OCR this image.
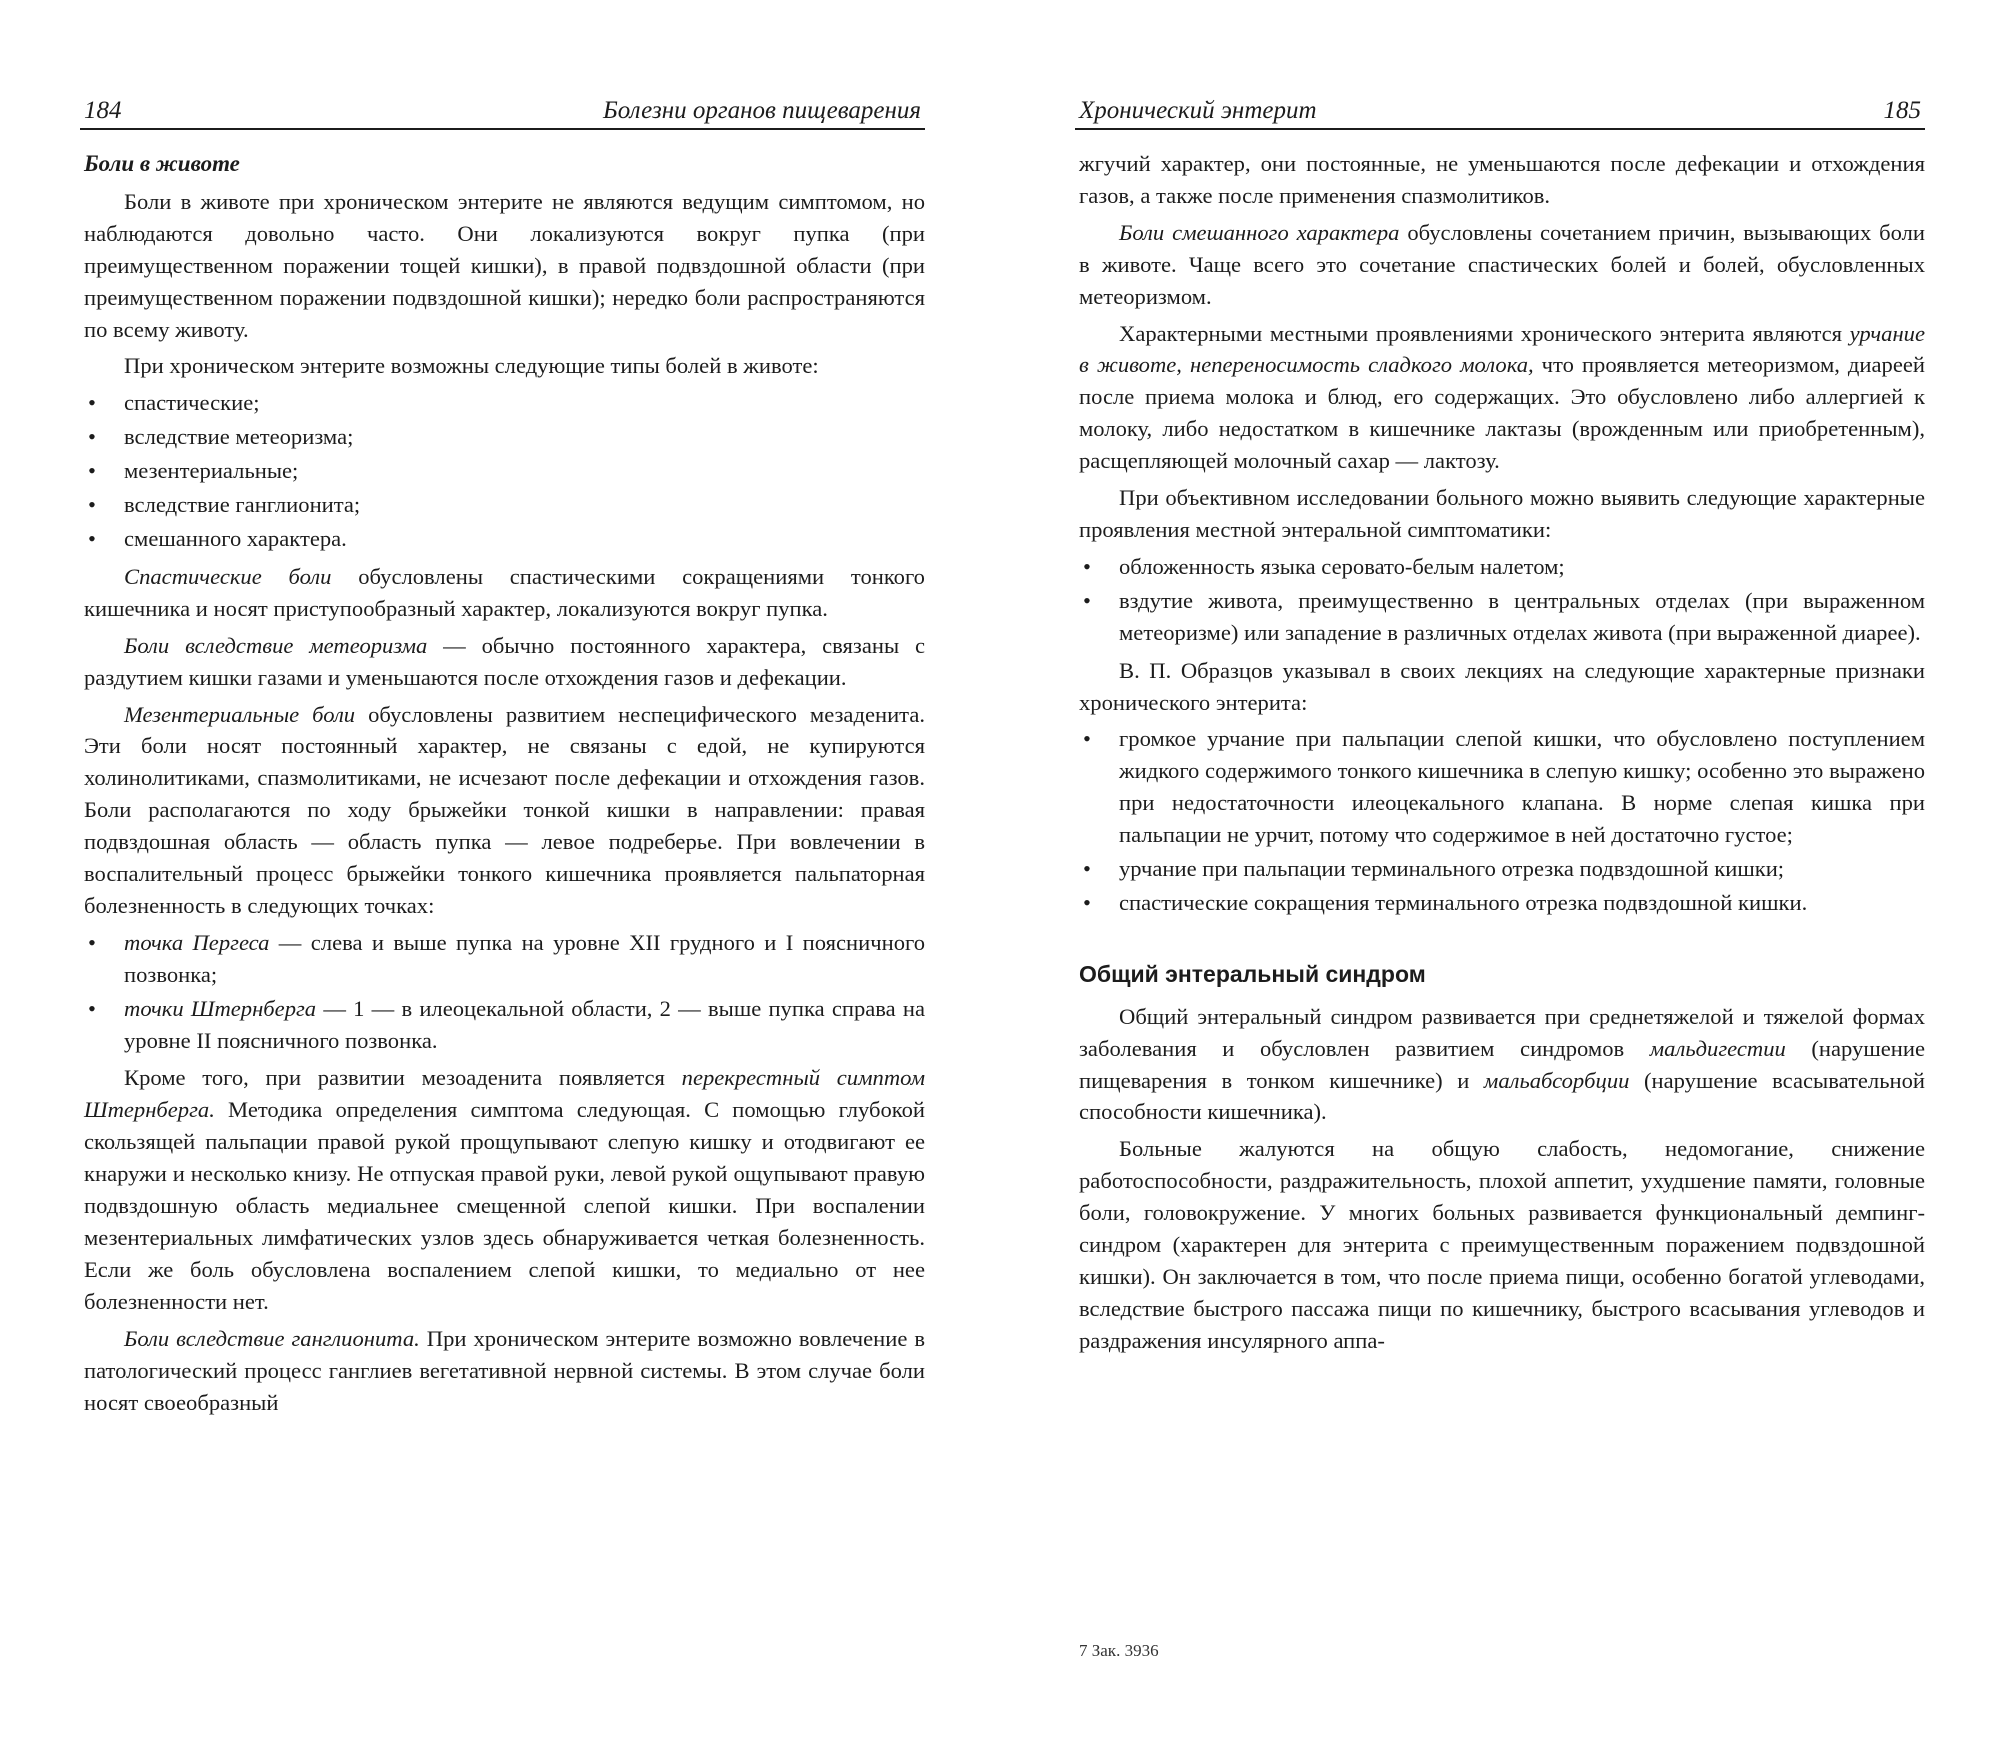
184	Болезни органов пищеварения
Боли в животе

Боли в животе при хроническом энтерите не являются ведущим симптомом, но наблюдаются довольно часто. Они локализуются вокруг пупка (при преимущественном поражении тощей кишки), в правой подвздошной области (при преимущественном поражении подвздошной кишки); нередко боли распространяются по всему животу.

При хроническом энтерите возможны следующие типы болей в животе:

• спастические;
• вследствие метеоризма;
• мезентериальные;
• вследствие ганглионита;
• смешанного характера.

Спастические боли обусловлены спастическими сокращениями тонкого кишечника и носят приступообразный характер, локализуются вокруг пупка.

Боли вследствие метеоризма — обычно постоянного характера, связаны с раздутием кишки газами и уменьшаются после отхождения газов и дефекации.

Мезентериальные боли обусловлены развитием неспецифического мезаденита. Эти боли носят постоянный характер, не связаны с едой, не купируются холинолитиками, спазмолитиками, не исчезают после дефекации и отхождения газов. Боли располагаются по ходу брыжейки тонкой кишки в направлении: правая подвздошная область — область пупка — левое подреберье. При вовлечении в воспалительный процесс брыжейки тонкого кишечника проявляется пальпаторная болезненность в следующих точках:

• точка Пергеса — слева и выше пупка на уровне XII грудного и I поясничного позвонка;
• точки Штернберга — 1 — в илеоцекальной области, 2 — выше пупка справа на уровне II поясничного позвонка.

Кроме того, при развитии мезоаденита появляется перекрестный симптом Штернберга. Методика определения симптома следующая. С помощью глубокой скользящей пальпации правой рукой прощупывают слепую кишку и отодвигают ее кнаружи и несколько книзу. Не отпуская правой руки, левой рукой ощупывают правую подвздошную область медиальнее смещенной слепой кишки. При воспалении мезентериальных лимфатических узлов здесь обнаруживается четкая болезненность. Если же боль обусловлена воспалением слепой кишки, то медиально от нее болезненности нет.

Боли вследствие ганглионита. При хроническом энтерите возможно вовлечение в патологический процесс ганглиев вегетативной нервной системы. В этом случае боли носят своеобразный

Хронический энтерит	185

жгучий характер, они постоянные, не уменьшаются после дефекации и отхождения газов, а также после применения спазмолитиков.

Боли смешанного характера обусловлены сочетанием причин, вызывающих боли в животе. Чаще всего это сочетание спастических болей и болей, обусловленных метеоризмом.

Характерными местными проявлениями хронического энтерита являются урчание в животе, непереносимость сладкого молока, что проявляется метеоризмом, диареей после приема молока и блюд, его содержащих. Это обусловлено либо аллергией к молоку, либо недостатком в кишечнике лактазы (врожденным или приобретенным), расщепляющей молочный сахар — лактозу.

При объективном исследовании больного можно выявить следующие характерные проявления местной энтеральной симптоматики:

• обложенность языка серовато-белым налетом;
• вздутие живота, преимущественно в центральных отделах (при выраженном метеоризме) или западение в различных отделах живота (при выраженной диарее).

В. П. Образцов указывал в своих лекциях на следующие характерные признаки хронического энтерита:

• громкое урчание при пальпации слепой кишки, что обусловлено поступлением жидкого содержимого тонкого кишечника в слепую кишку; особенно это выражено при недостаточности илеоцекального клапана. В норме слепая кишка при пальпации не урчит, потому что содержимое в ней достаточно густое;
• урчание при пальпации терминального отрезка подвздошной кишки;
• спастические сокращения терминального отрезка подвздошной кишки.
Общий энтеральный синдром

Общий энтеральный синдром развивается при среднетяжелой и тяжелой формах заболевания и обусловлен развитием синдромов мальдигестии (нарушение пищеварения в тонком кишечнике) и мальабсорбции (нарушение всасывательной способности кишечника).

Больные жалуются на общую слабость, недомогание, снижение работоспособности, раздражительность, плохой аппетит, ухудшение памяти, головные боли, головокружение. У многих больных развивается функциональный демпинг-синдром (характерен для энтерита с преимущественным поражением подвздошной кишки). Он заключается в том, что после приема пищи, особенно богатой углеводами, вследствие быстрого пассажа пищи по кишечнику, быстрого всасывания углеводов и раздражения инсулярного аппа-

7 Зак. 3936
